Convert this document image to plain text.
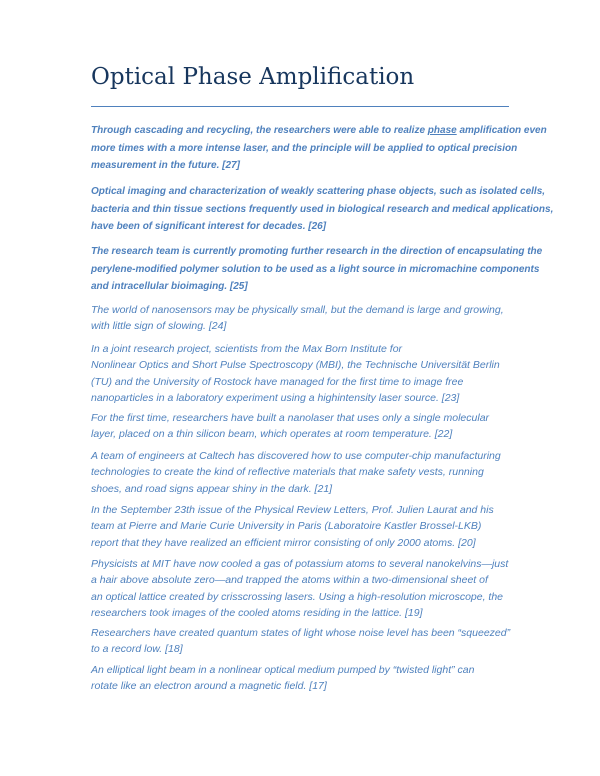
Optical Phase Amplification

Through cascading and recycling, the researchers were able to realize phase amplification even
more times with a more intense laser, and the principle will be applied to optical precision
measurement in the future. [27]

Optical imaging and characterization of weakly scattering phase objects, such as isolated cells,
bacteria and thin tissue sections frequently used in biological research and medical applications,
have been of significant interest for decades. [26]

The research team is currently promoting further research in the direction of encapsulating the
perylene-modified polymer solution to be used as a light source in micromachine components
and intracellular bioimaging. [25]

The world of nanosensors may be physically small, but the demand is large and growing,
with little sign of slowing. [24]

In a joint research project, scientists from the Max Born Institute for
Nonlinear Optics and Short Pulse Spectroscopy (MBI), the Technische Universität Berlin
(TU) and the University of Rostock have managed for the first time to image free
nanoparticles in a laboratory experiment using a highintensity laser source. [23]

For the first time, researchers have built a nanolaser that uses only a single molecular
layer, placed on a thin silicon beam, which operates at room temperature. [22]

A team of engineers at Caltech has discovered how to use computer-chip manufacturing
technologies to create the kind of reflective materials that make safety vests, running
shoes, and road signs appear shiny in the dark. [21]

In the September 23th issue of the Physical Review Letters, Prof. Julien Laurat and his
team at Pierre and Marie Curie University in Paris (Laboratoire Kastler Brossel-LKB)
report that they have realized an efficient mirror consisting of only 2000 atoms. [20]

Physicists at MIT have now cooled a gas of potassium atoms to several nanokelvins—just
a hair above absolute zero—and trapped the atoms within a two-dimensional sheet of
an optical lattice created by crisscrossing lasers. Using a high-resolution microscope, the
researchers took images of the cooled atoms residing in the lattice. [19]

Researchers have created quantum states of light whose noise level has been “squeezed”
to a record low. [18]

An elliptical light beam in a nonlinear optical medium pumped by “twisted light” can
rotate like an electron around a magnetic field. [17]
